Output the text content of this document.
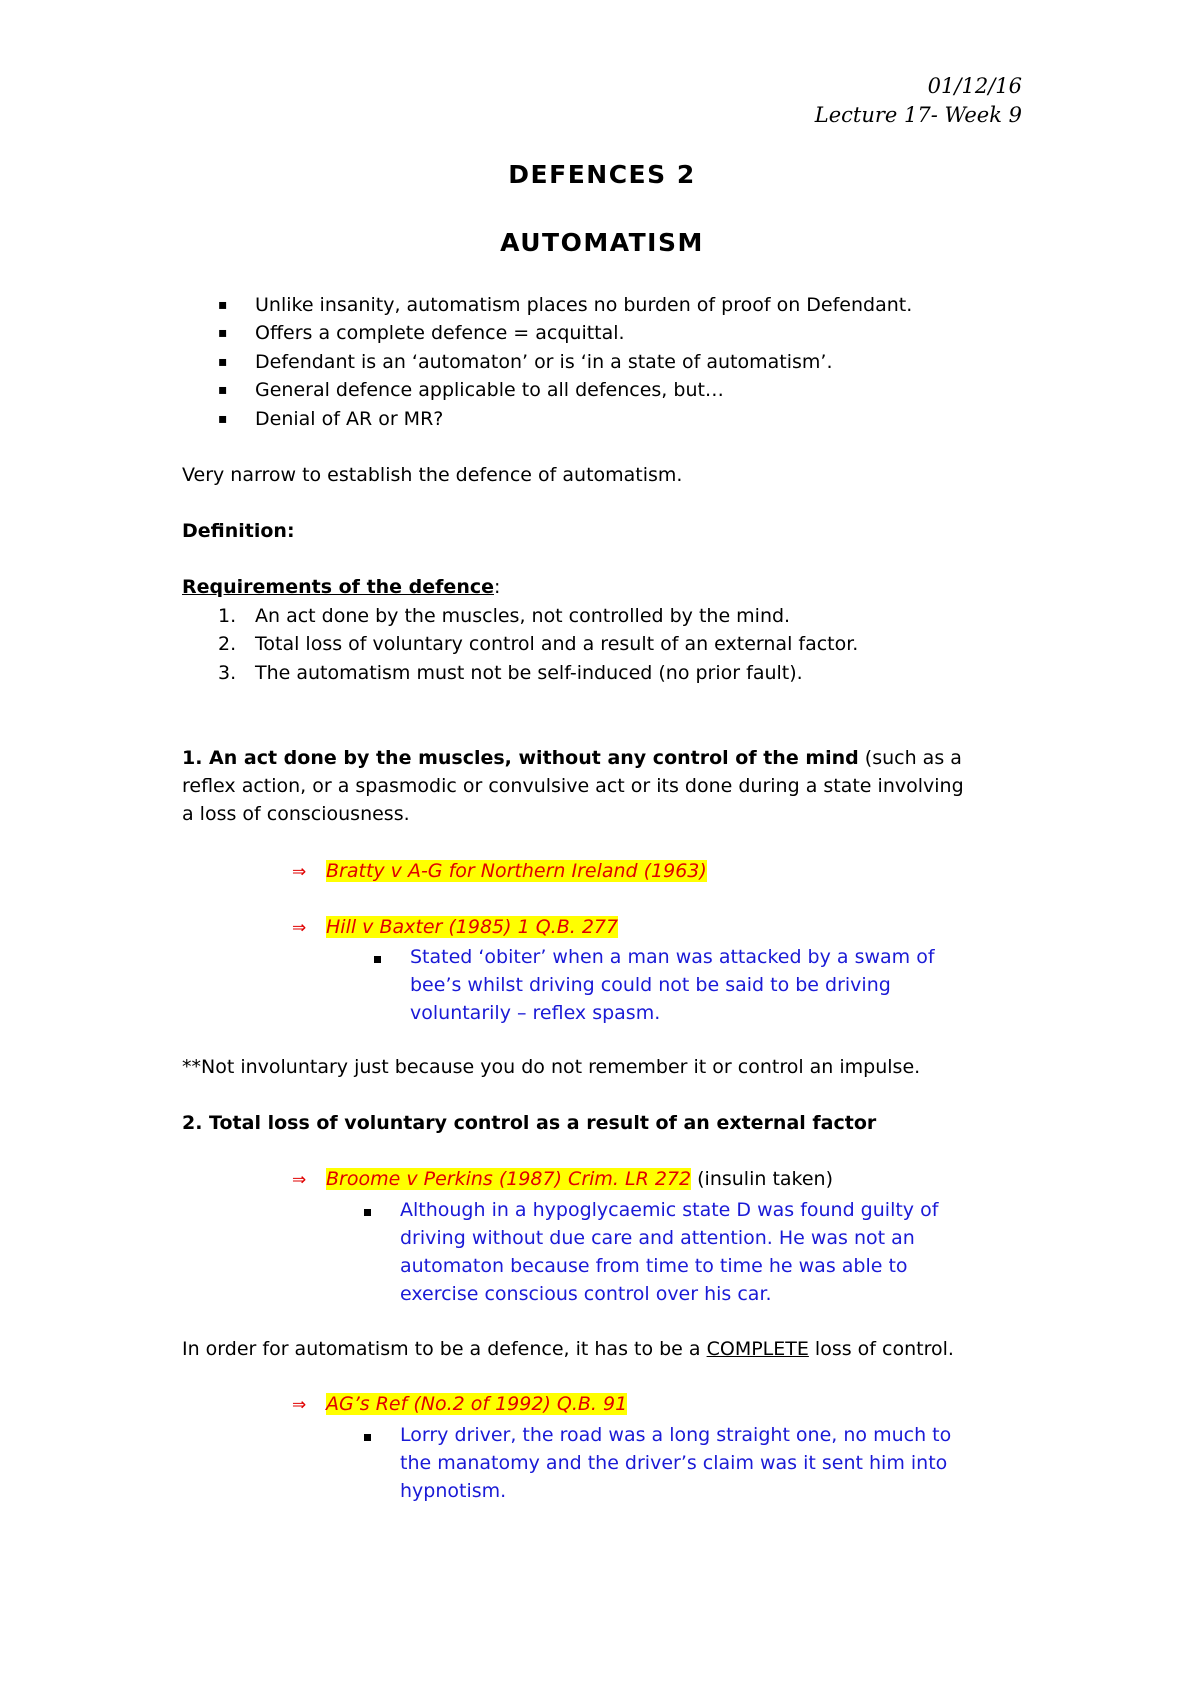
01/12/16
Lecture 17- Week 9
DEFENCES 2
AUTOMATISM
▪ Unlike insanity, automatism places no burden of proof on Defendant.
▪ Offers a complete defence = acquittal.
▪ Defendant is an ‘automaton’ or is ‘in a state of automatism’.
▪ General defence applicable to all defences, but…
▪ Denial of AR or MR?
Very narrow to establish the defence of automatism.
Definition:
Requirements of the defence:
1. An act done by the muscles, not controlled by the mind.
2. Total loss of voluntary control and a result of an external factor.
3. The automatism must not be self-induced (no prior fault).
1. An act done by the muscles, without any control of the mind (such as a
reflex action, or a spasmodic or convulsive act or its done during a state involving
a loss of consciousness.
⇒ Bratty v A-G for Northern Ireland (1963)
⇒ Hill v Baxter (1985) 1 Q.B. 277
Stated ‘obiter’ when a man was attacked by a swam of
bee’s whilst driving could not be said to be driving
voluntarily – reflex spasm.
**Not involuntary just because you do not remember it or control an impulse.
2. Total loss of voluntary control as a result of an external factor
⇒ Broome v Perkins (1987) Crim. LR 272 (insulin taken)
Although in a hypoglycaemic state D was found guilty of
driving without due care and attention. He was not an
automaton because from time to time he was able to
exercise conscious control over his car.
In order for automatism to be a defence, it has to be a COMPLETE loss of control.
⇒ AG’s Ref (No.2 of 1992) Q.B. 91
Lorry driver, the road was a long straight one, no much to
the manatomy and the driver’s claim was it sent him into
hypnotism.
